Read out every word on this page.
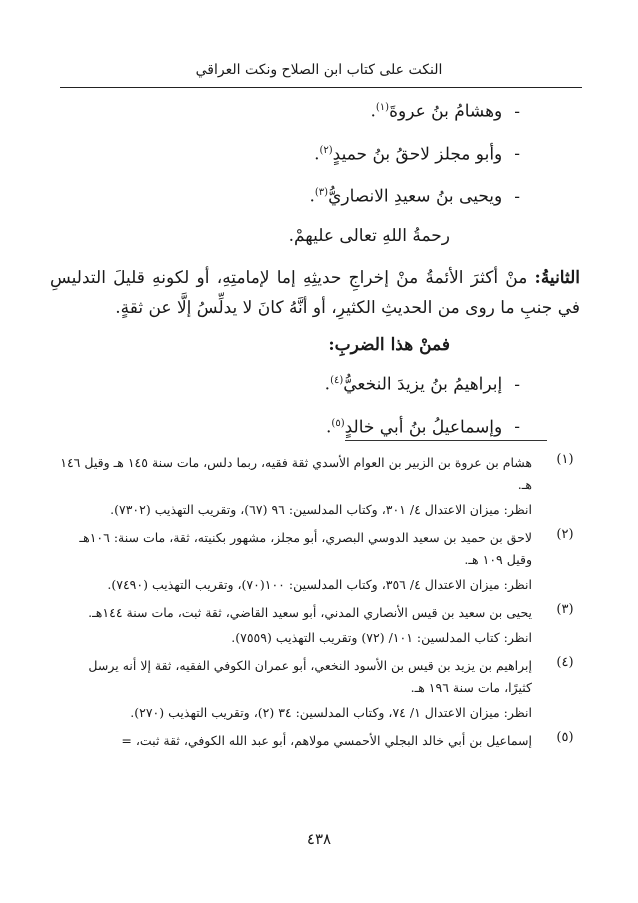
النكت على كتاب ابن الصلاح ونكت العراقي

-وهشامُ بنُ عروةَ$^{(١)}$.

-وأبو مجلز لاحقُ بنُ حميدٍ$^{(٢)}$.

-ويحيى بنُ سعيدِ الانصاريُّ$^{(٣)}$.

رحمةُ اللهِ تعالى عليهمْ.

الثانيةُ: منْ أكثرَ الأئمةُ منْ إخراجِ حديثِهِ إما لإمامتِهِ، أو لكونهِ قليلَ التدليسِ في جنبِ ما روى من الحديثِ الكثيرِ، أو أنَّهُ كانَ لا يدلِّسُ إلَّا عن ثقةٍ.

فمنْ هذا الضربِ:

-إبراهيمُ بنُ يزيدَ النخعيُّ$^{(٤)}$.

-وإسماعيلُ بنُ أبي خالدٍ$^{(٥)}$.

(١)

هشام بن عروة بن الزبير بن العوام الأسدي ثقة فقيه، ربما دلس، مات سنة ١٤٥ هـ وقيل ١٤٦ هـ.

انظر: ميزان الاعتدال ٤/ ٣٠١، وكتاب المدلسين: ٩٦ (٦٧)، وتقريب التهذيب (٧٣٠٢).

(٢)

لاحق بن حميد بن سعيد الدوسي البصري، أبو مجلز، مشهور بكنيته، ثقة، مات سنة: ١٠٦هـ وقيل ١٠٩ هـ.

انظر: ميزان الاعتدال ٤/ ٣٥٦، وكتاب المدلسين: ١٠٠(٧٠)، وتقريب التهذيب (٧٤٩٠).

(٣)

يحيى بن سعيد بن قيس الأنصاري المدني، أبو سعيد القاضي، ثقة ثبت، مات سنة ١٤٤هـ.

انظر: كتاب المدلسين: ١٠١/ (٧٢) وتقريب التهذيب (٧٥٥٩).

(٤)

إبراهيم بن يزيد بن قيس بن الأسود النخعي، أبو عمران الكوفي الفقيه، ثقة إلا أنه يرسل كثيرًا، مات سنة ١٩٦ هـ.

انظر: ميزان الاعتدال ١/ ٧٤، وكتاب المدلسين: ٣٤ (٢)، وتقريب التهذيب (٢٧٠).

(٥)

إسماعيل بن أبي خالد البجلي الأحمسي مولاهم، أبو عبد الله الكوفي، ثقة ثبت، =

٤٣٨
